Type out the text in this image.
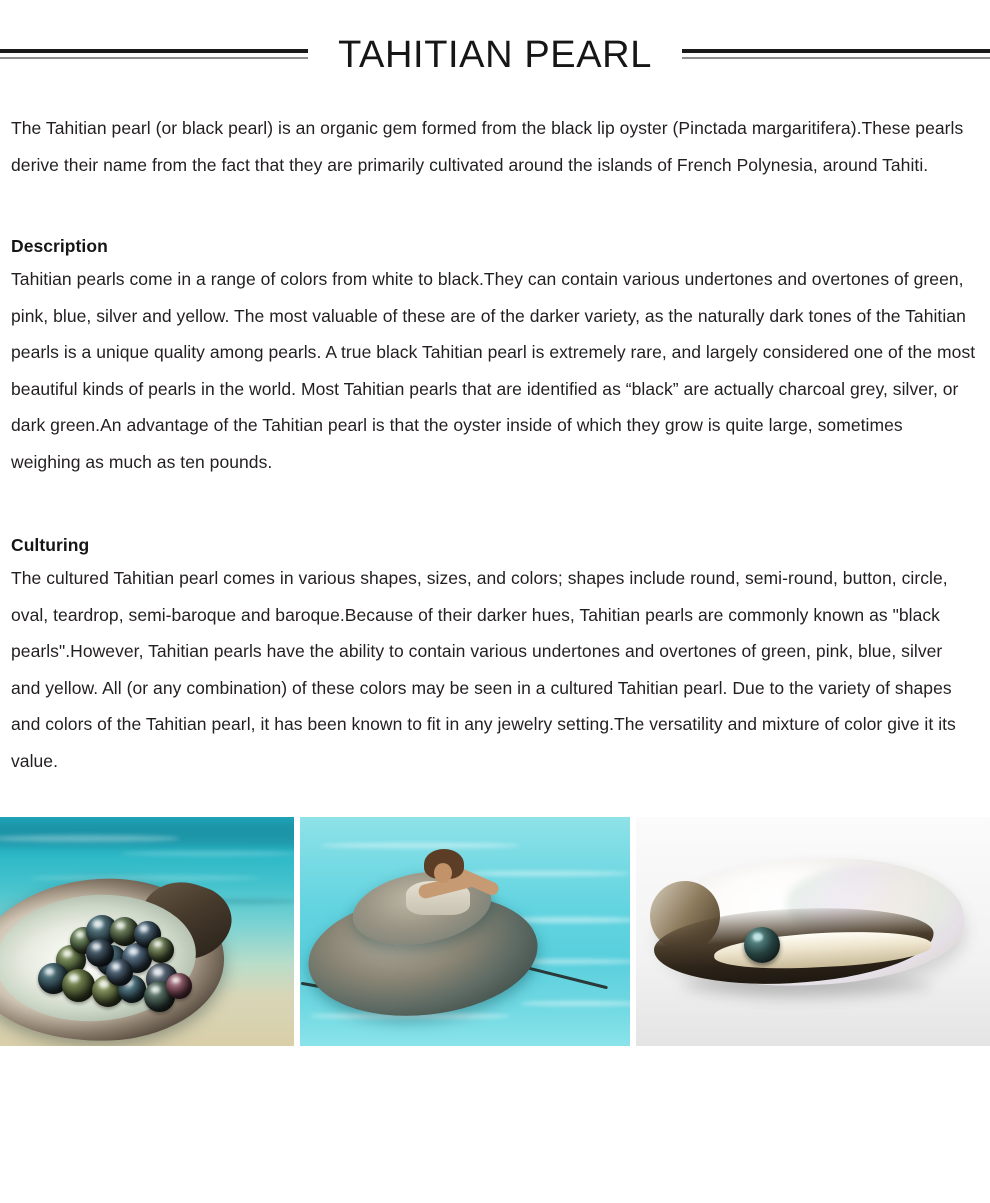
TAHITIAN PEARL

The Tahitian pearl (or black pearl) is an organic gem formed from the black lip oyster (Pinctada margaritifera).These pearls derive their name from the fact that they are primarily cultivated around the islands of French Polynesia, around Tahiti.

Description

Tahitian pearls come in a range of colors from white to black.They can contain various undertones and overtones of green, pink, blue, silver and yellow. The most valuable of these are of the darker variety, as the naturally dark tones of the Tahitian pearls is a unique quality among pearls. A true black Tahitian pearl is extremely rare, and largely considered one of the most beautiful kinds of pearls in the world. Most Tahitian pearls that are identified as “black” are actually charcoal grey, silver, or dark green.An advantage of the Tahitian pearl is that the oyster inside of which they grow is quite large, sometimes weighing as much as ten pounds.

Culturing

The cultured Tahitian pearl comes in various shapes, sizes, and colors; shapes include round, semi-round, button, circle, oval, teardrop, semi-baroque and baroque.Because of their darker hues, Tahitian pearls are commonly known as "black pearls".However, Tahitian pearls have the ability to contain various undertones and overtones of green, pink, blue, silver and yellow. All (or any combination) of these colors may be seen in a cultured Tahitian pearl. Due to the variety of shapes and colors of the Tahitian pearl, it has been known to fit in any jewelry setting.The versatility and mixture of color give it its value.
